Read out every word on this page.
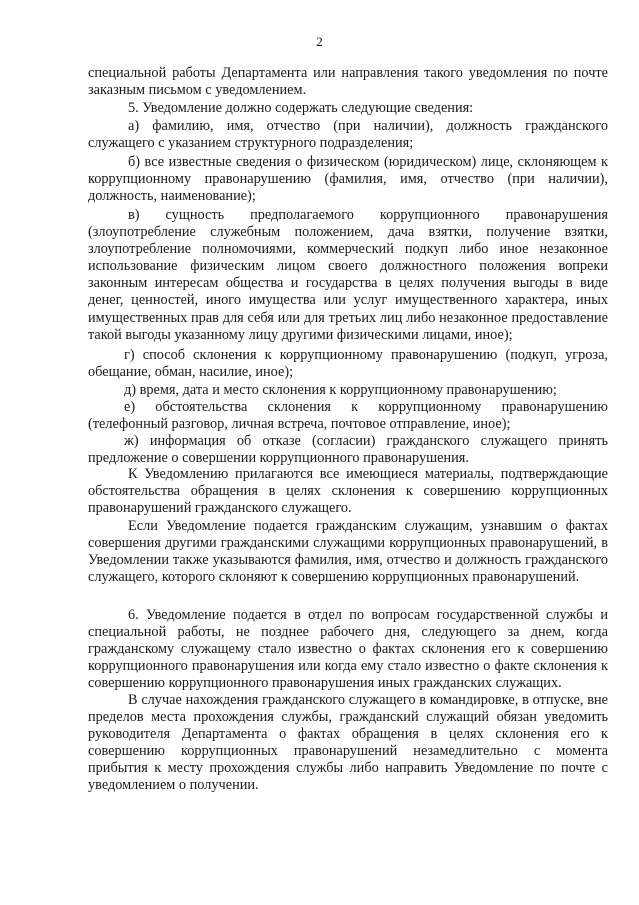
2

специальной работы Департамента или направления такого уведомления по почте заказным письмом с уведомлением.

5. Уведомление должно содержать следующие сведения:

а) фамилию, имя, отчество (при наличии), должность гражданского служащего с указанием структурного подразделения;

б) все известные сведения о физическом (юридическом) лице, склоняющем к коррупционному правонарушению (фамилия, имя, отчество (при наличии), должность, наименование);

в) сущность предполагаемого коррупционного правонарушения (злоупотребление служебным положением, дача взятки, получение взятки, злоупотребление полномочиями, коммерческий подкуп либо иное незаконное использование физическим лицом своего должностного положения вопреки законным интересам общества и государства в целях получения выгоды в виде денег, ценностей, иного имущества или услуг имущественного характера, иных имущественных прав для себя или для третьих лиц либо незаконное предоставление такой выгоды указанному лицу другими физическими лицами, иное);

г) способ склонения к коррупционному правонарушению (подкуп, угроза, обещание, обман, насилие, иное);

д) время, дата и место склонения к коррупционному правонарушению;

е) обстоятельства склонения к коррупционному правонарушению (телефонный разговор, личная встреча, почтовое отправление, иное);

ж) информация об отказе (согласии) гражданского служащего принять предложение о совершении коррупционного правонарушения.

К Уведомлению прилагаются все имеющиеся материалы, подтверждающие обстоятельства обращения в целях склонения к совершению коррупционных правонарушений гражданского служащего.

Если Уведомление подается гражданским служащим, узнавшим о фактах совершения другими гражданскими служащими коррупционных правонарушений, в Уведомлении также указываются фамилия, имя, отчество и должность гражданского служащего, которого склоняют к совершению коррупционных правонарушений.

6. Уведомление подается в отдел по вопросам государственной службы и специальной работы, не позднее рабочего дня, следующего за днем, когда гражданскому служащему стало известно о фактах склонения его к совершению коррупционного правонарушения или когда ему стало известно о факте склонения к совершению коррупционного правонарушения иных гражданских служащих.

В случае нахождения гражданского служащего в командировке, в отпуске, вне пределов места прохождения службы, гражданский служащий обязан уведомить руководителя Департамента о фактах обращения в целях склонения его к совершению коррупционных правонарушений незамедлительно с момента прибытия к месту прохождения службы либо направить Уведомление по почте с уведомлением о получении.
